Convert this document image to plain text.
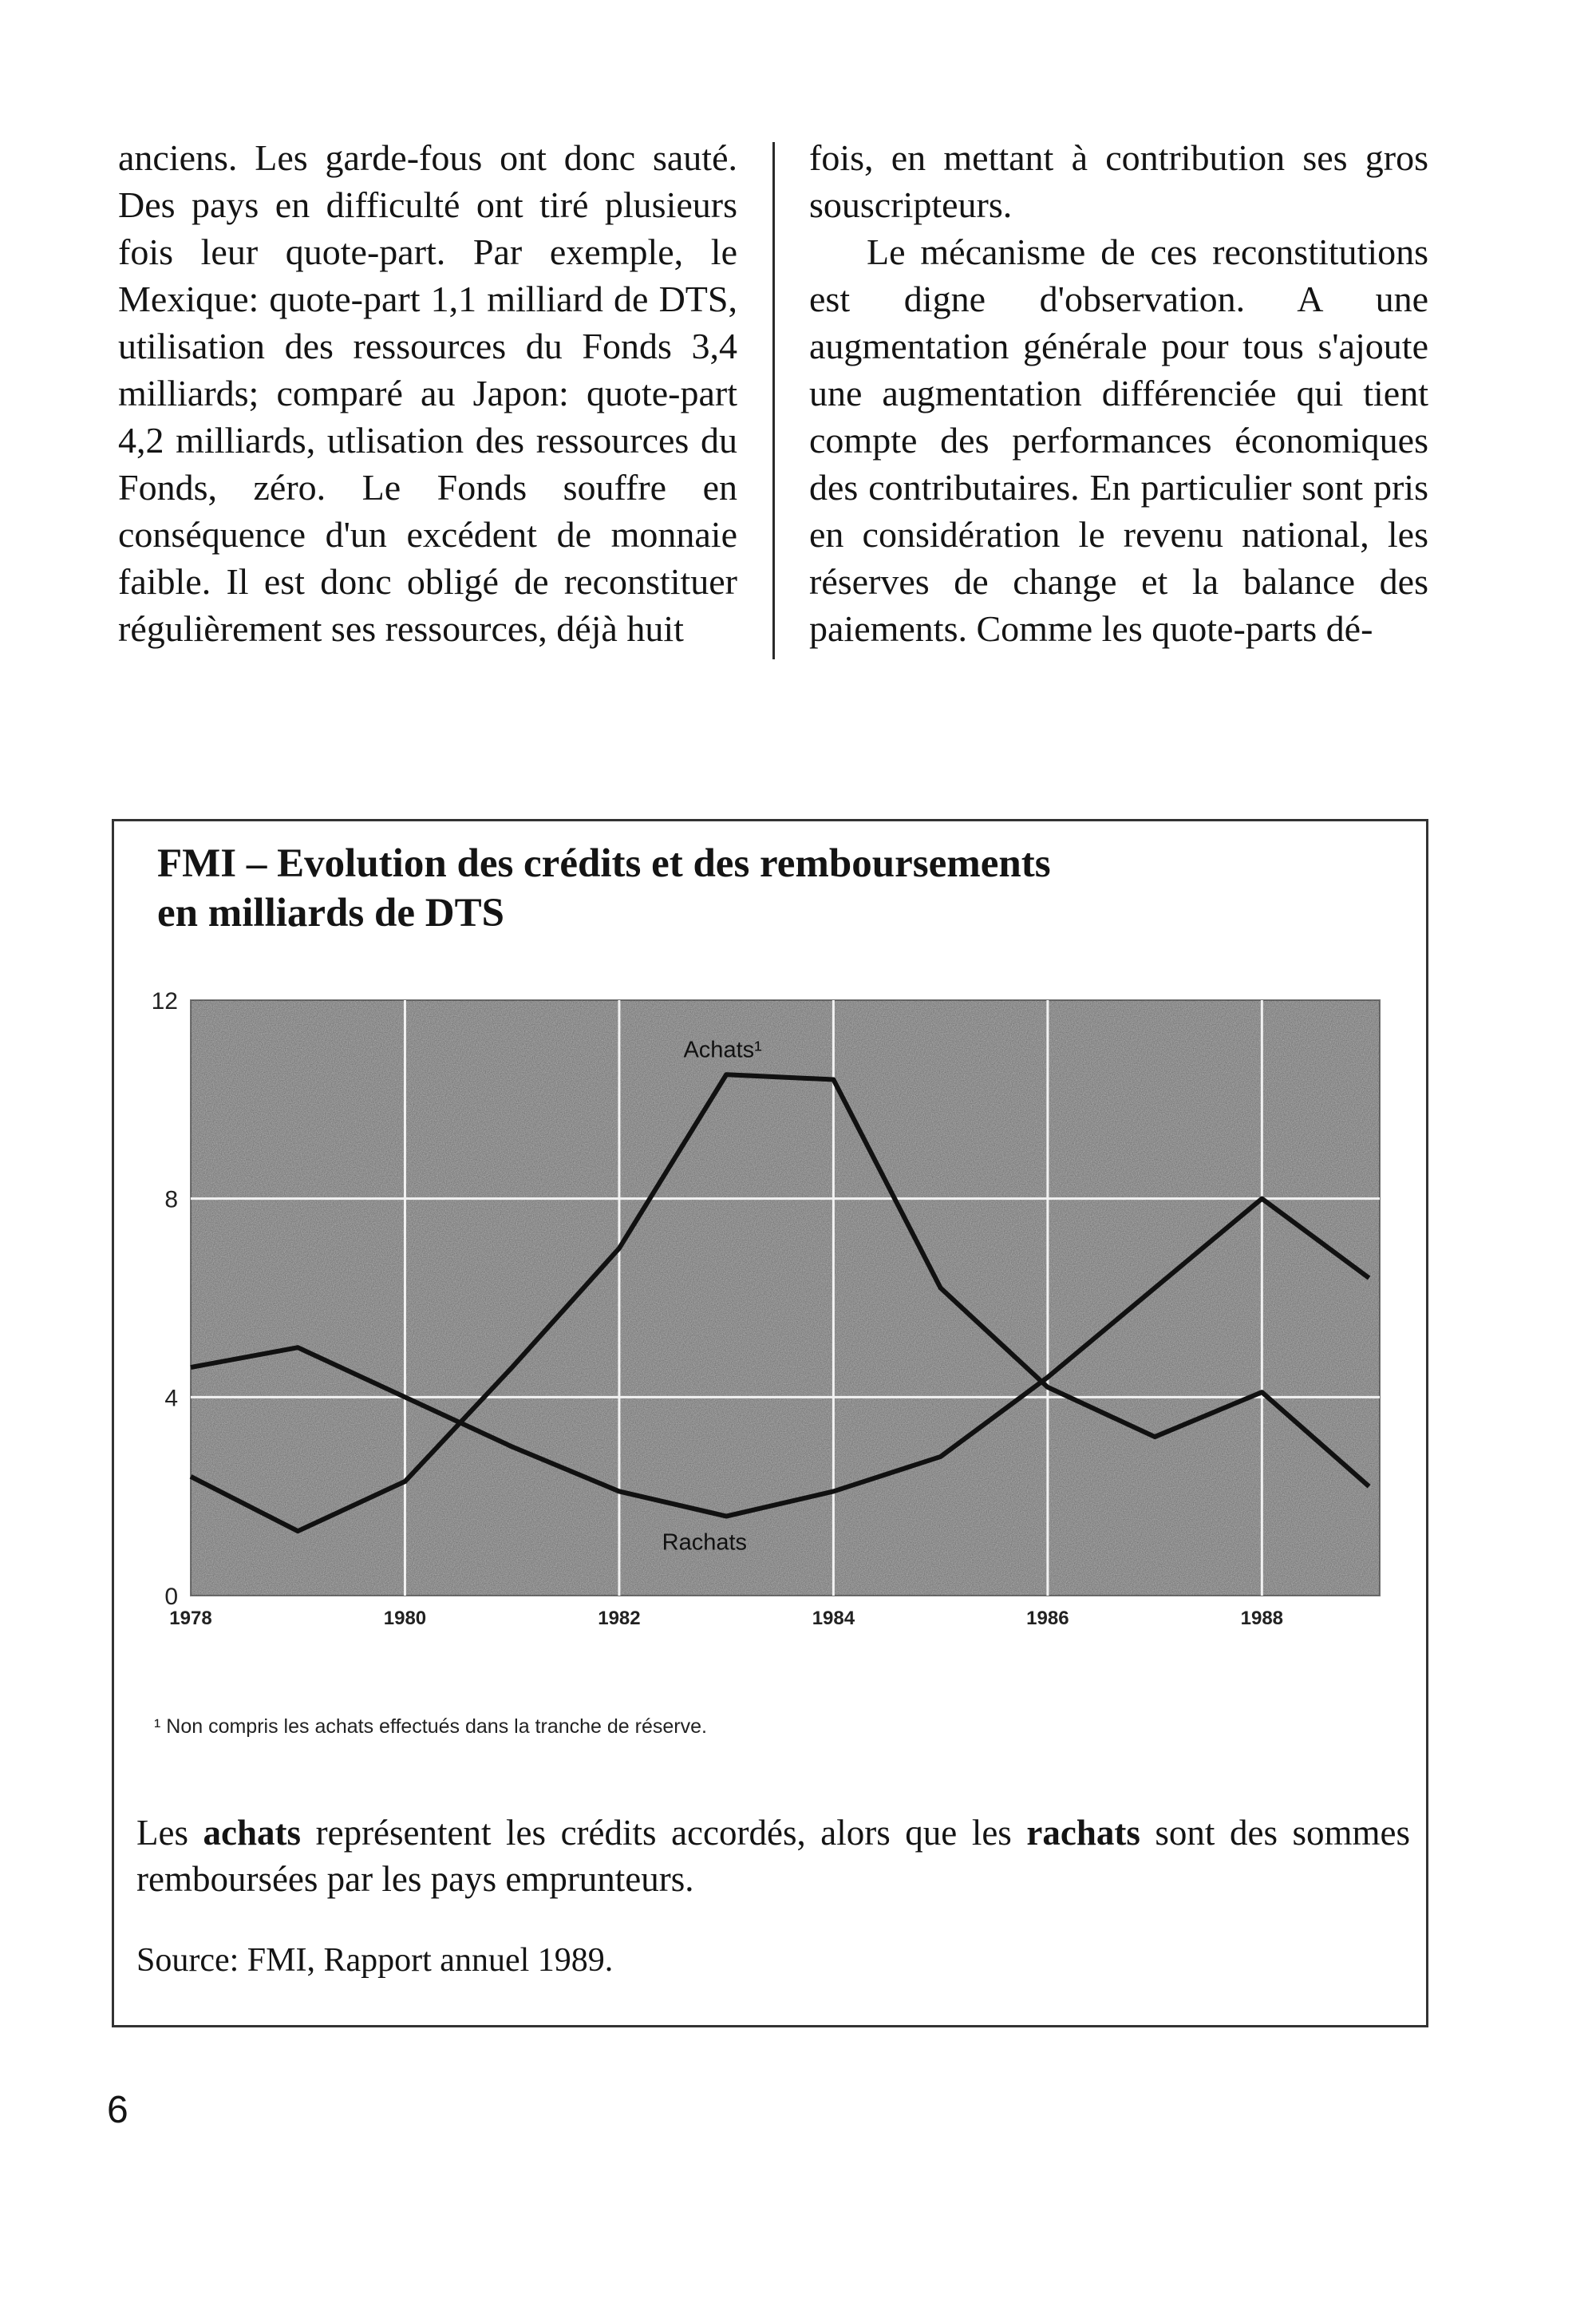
anciens. Les garde-fous ont donc sauté. Des pays en difficulté ont tiré plusieurs fois leur quote-part. Par exemple, le Mexique: quote-part 1,1 milliard de DTS, utilisation des ressources du Fonds 3,4 milliards; comparé au Japon: quote-part 4,2 milliards, utlisation des ressources du Fonds, zéro. Le Fonds souffre en conséquence d'un excédent de monnaie faible. Il est donc obligé de reconstituer régulièrement ses ressources, déjà huit

fois, en mettant à contribution ses gros souscripteurs.

Le mécanisme de ces reconstitutions est digne d'observation. A une augmentation générale pour tous s'ajoute une augmentation différenciée qui tient compte des performances économiques des contributaires. En particulier sont pris en considération le revenu national, les réserves de change et la balance des paiements. Comme les quote-parts dé-

FMI – Evolution des crédits et des remboursements
en milliards de DTS
0
4
8
12
1978	1980	1982	1984	1986	1988
Achats¹
Rachats

¹ Non compris les achats effectués dans la tranche de réserve.

Les achats représentent les crédits accordés, alors que les rachats sont des sommes remboursées par les pays emprunteurs.

Source: FMI, Rapport annuel 1989.

6
